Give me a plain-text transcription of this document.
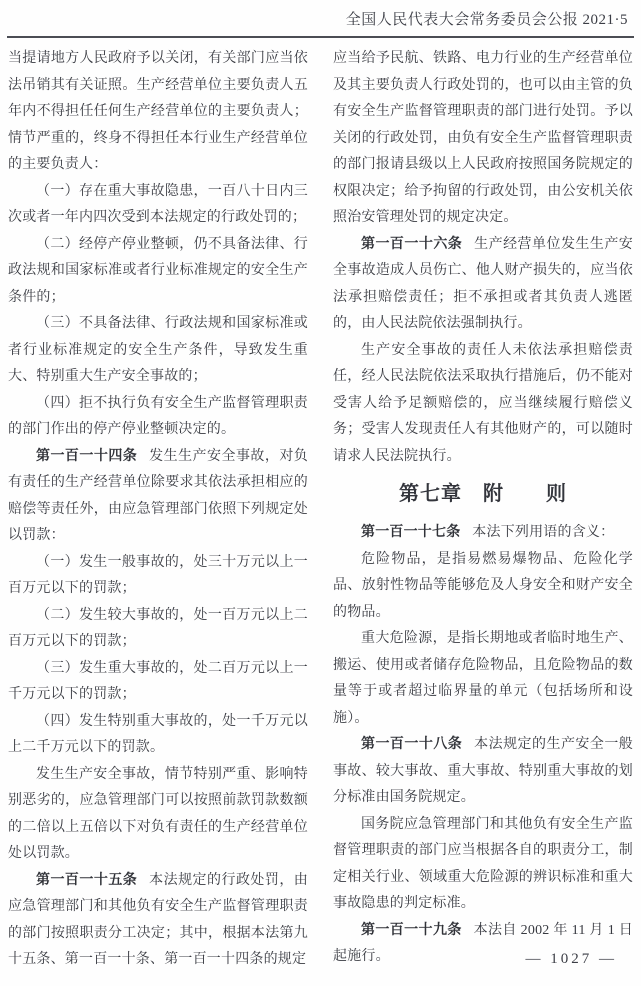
全国人民代表大会常务委员会公报 2021·5

当提请地方人民政府予以关闭，有关部门应当依法吊销其有关证照。生产经营单位主要负责人五年内不得担任任何生产经营单位的主要负责人；情节严重的，终身不得担任本行业生产经营单位的主要负责人：

（一）存在重大事故隐患，一百八十日内三次或者一年内四次受到本法规定的行政处罚的；

（二）经停产停业整顿，仍不具备法律、行政法规和国家标准或者行业标准规定的安全生产条件的；

（三）不具备法律、行政法规和国家标准或者行业标准规定的安全生产条件，导致发生重大、特别重大生产安全事故的；

（四）拒不执行负有安全生产监督管理职责的部门作出的停产停业整顿决定的。

第一百一十四条 发生生产安全事故，对负有责任的生产经营单位除要求其依法承担相应的赔偿等责任外，由应急管理部门依照下列规定处以罚款：

（一）发生一般事故的，处三十万元以上一百万元以下的罚款；

（二）发生较大事故的，处一百万元以上二百万元以下的罚款；

（三）发生重大事故的，处二百万元以上一千万元以下的罚款；

（四）发生特别重大事故的，处一千万元以上二千万元以下的罚款。

发生生产安全事故，情节特别严重、影响特别恶劣的，应急管理部门可以按照前款罚款数额的二倍以上五倍以下对负有责任的生产经营单位处以罚款。

第一百一十五条 本法规定的行政处罚，由应急管理部门和其他负有安全生产监督管理职责的部门按照职责分工决定；其中，根据本法第九十五条、第一百一十条、第一百一十四条的规定

应当给予民航、铁路、电力行业的生产经营单位及其主要负责人行政处罚的，也可以由主管的负有安全生产监督管理职责的部门进行处罚。予以关闭的行政处罚，由负有安全生产监督管理职责的部门报请县级以上人民政府按照国务院规定的权限决定；给予拘留的行政处罚，由公安机关依照治安管理处罚的规定决定。

第一百一十六条 生产经营单位发生生产安全事故造成人员伤亡、他人财产损失的，应当依法承担赔偿责任；拒不承担或者其负责人逃匿的，由人民法院依法强制执行。

生产安全事故的责任人未依法承担赔偿责任，经人民法院依法采取执行措施后，仍不能对受害人给予足额赔偿的，应当继续履行赔偿义务；受害人发现责任人有其他财产的，可以随时请求人民法院执行。

第七章　附　　则

第一百一十七条 本法下列用语的含义：

危险物品，是指易燃易爆物品、危险化学品、放射性物品等能够危及人身安全和财产安全的物品。

重大危险源，是指长期地或者临时地生产、搬运、使用或者储存危险物品，且危险物品的数量等于或者超过临界量的单元（包括场所和设施）。

第一百一十八条 本法规定的生产安全一般事故、较大事故、重大事故、特别重大事故的划分标准由国务院规定。

国务院应急管理部门和其他负有安全生产监督管理职责的部门应当根据各自的职责分工，制定相关行业、领域重大危险源的辨识标准和重大事故隐患的判定标准。

第一百一十九条 本法自 2002 年 11 月 1 日起施行。	— 1027 —
